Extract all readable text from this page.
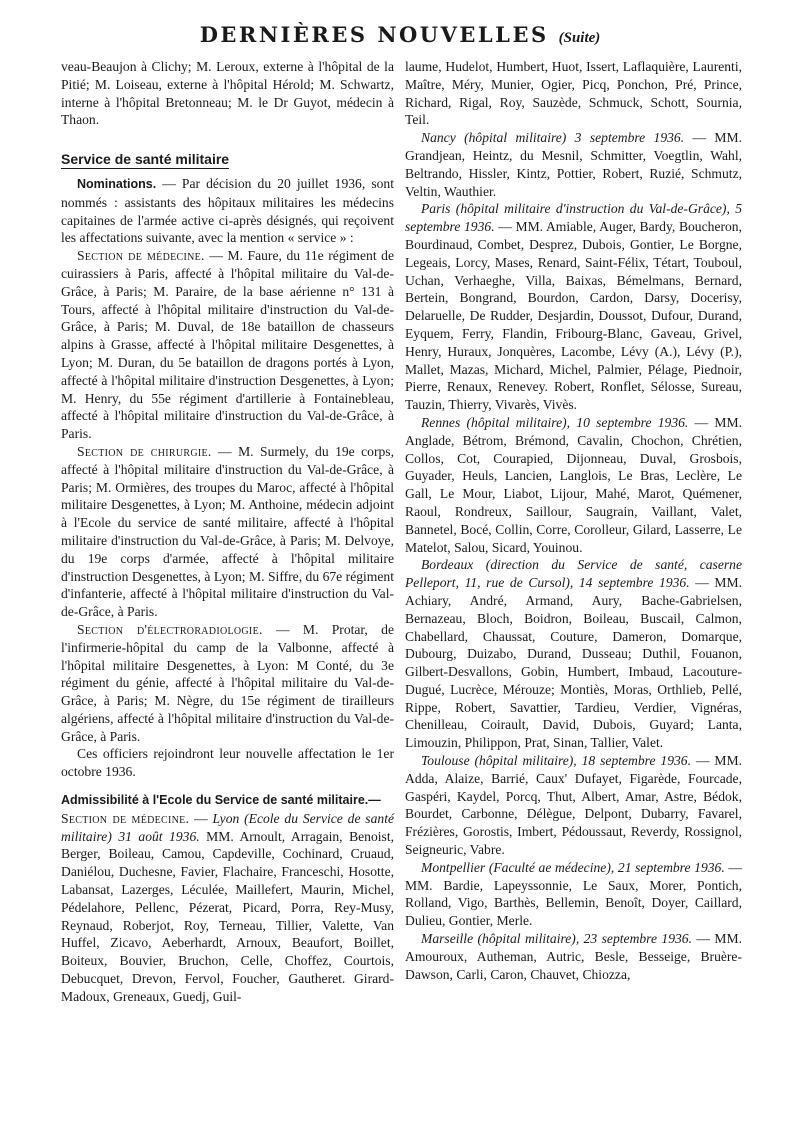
DERNIÈRES NOUVELLES (Suite)

veau-Beaujon à Clichy; M. Leroux, externe à l'hôpital de la Pitié; M. Loiseau, externe à l'hôpital Hérold; M. Schwartz, interne à l'hôpital Bretonneau; M. le Dr Guyot, médecin à Thaon.

Service de santé militaire

Nominations. — Par décision du 20 juillet 1936, sont nommés : assistants des hôpitaux militaires les médecins capitaines de l'armée active ci-après désignés, qui reçoivent les affectations suivante, avec la mention « service » :

Section de médecine. — M. Faure, du 11e régiment de cuirassiers à Paris, affecté à l'hôpital militaire du Val-de-Grâce, à Paris; M. Paraire, de la base aérienne n° 131 à Tours, affecté à l'hôpital militaire d'instruction du Val-de-Grâce, à Paris; M. Duval, de 18e bataillon de chasseurs alpins à Grasse, affecté à l'hôpital militaire Desgenettes, à Lyon; M. Duran, du 5e bataillon de dragons portés à Lyon, affecté à l'hôpital militaire d'instruction Desgenettes, à Lyon; M. Henry, du 55e régiment d'artillerie à Fontainebleau, affecté à l'hôpital militaire d'instruction du Val-de-Grâce, à Paris.

Section de chirurgie. — M. Surmely, du 19e corps, affecté à l'hôpital militaire d'instruction du Val-de-Grâce, à Paris; M. Ormières, des troupes du Maroc, affecté à l'hôpital militaire Desgenettes, à Lyon; M. Anthoine, médecin adjoint à l'Ecole du service de santé militaire, affecté à l'hôpital militaire d'instruction du Val-de-Grâce, à Paris; M. Delvoye, du 19e corps d'armée, affecté à l'hôpital militaire d'instruction Desgenettes, à Lyon; M. Siffre, du 67e régiment d'infanterie, affecté à l'hôpital militaire d'instruction du Val-de-Grâce, à Paris.

Section d'électroradiologie. — M. Protar, de l'infirmerie-hôpital du camp de la Valbonne, affecté à l'hôpital militaire Desgenettes, à Lyon: M Conté, du 3e régiment du génie, affecté à l'hôpital militaire du Val-de-Grâce, à Paris; M. Nègre, du 15e régiment de tirailleurs algériens, affecté à l'hôpital militaire d'instruction du Val-de-Grâce, à Paris.

Ces officiers rejoindront leur nouvelle affectation le 1er octobre 1936.

Admissibilité à l'Ecole du Service de santé militaire.—

Section de médecine. — Lyon (Ecole du Service de santé militaire) 31 août 1936. MM. Arnoult, Arragain, Benoist, Berger, Boileau, Camou, Capdeville, Cochinard, Cruaud, Daniélou, Duchesne, Favier, Flachaire, Franceschi, Hosotte, Labansat, Lazerges, Léculée, Maillefert, Maurin, Michel, Pédelahore, Pellenc, Pézerat, Picard, Porra, Rey-Musy, Reynaud, Roberjot, Roy, Terneau, Tillier, Valette, Van Huffel, Zicavo, Aeberhardt, Arnoux, Beaufort, Boillet, Boiteux, Bouvier, Bruchon, Celle, Choffez, Courtois, Debucquet, Drevon, Fervol, Foucher, Gautheret. Girard-Madoux, Greneaux, Guedj, Guil-

laume, Hudelot, Humbert, Huot, Issert, Laflaquière, Laurenti, Maître, Méry, Munier, Ogier, Picq, Ponchon, Pré, Prince, Richard, Rigal, Roy, Sauzède, Schmuck, Schott, Sournia, Teil.

Nancy (hôpital militaire) 3 septembre 1936. — MM. Grandjean, Heintz, du Mesnil, Schmitter, Voegtlin, Wahl, Beltrando, Hissler, Kintz, Pottier, Robert, Ruzié, Schmutz, Veltin, Wauthier.

Paris (hôpital militaire d'instruction du Val-de-Grâce), 5 septembre 1936. — MM. Amiable, Auger, Bardy, Boucheron, Bourdinaud, Combet, Desprez, Dubois, Gontier, Le Borgne, Legeais, Lorcy, Mases, Renard, Saint-Félix, Tétart, Touboul, Uchan, Verhaeghe, Villa, Baixas, Bémelmans, Bernard, Bertein, Bongrand, Bourdon, Cardon, Darsy, Docerisy, Delaruelle, De Rudder, Desjardin, Doussot, Dufour, Durand, Eyquem, Ferry, Flandin, Fribourg-Blanc, Gaveau, Grivel, Henry, Huraux, Jonquères, Lacombe, Lévy (A.), Lévy (P.), Mallet, Mazas, Michard, Michel, Palmier, Pélage, Piednoir, Pierre, Renaux, Renevey. Robert, Ronflet, Sélosse, Sureau, Tauzin, Thierry, Vivarès, Vivès.

Rennes (hôpital militaire), 10 septembre 1936. — MM. Anglade, Bétrom, Brémond, Cavalin, Chochon, Chrétien, Collos, Cot, Courapied, Dijonneau, Duval, Grosbois, Guyader, Heuls, Lancien, Langlois, Le Bras, Leclère, Le Gall, Le Mour, Liabot, Lijour, Mahé, Marot, Quémener, Raoul, Rondreux, Saillour, Saugrain, Vaillant, Valet, Bannetel, Bocé, Collin, Corre, Corolleur, Gilard, Lasserre, Le Matelot, Salou, Sicard, Youinou.

Bordeaux (direction du Service de santé, caserne Pelleport, 11, rue de Cursol), 14 septembre 1936. — MM. Achiary, André, Armand, Aury, Bache-Gabrielsen, Bernazeau, Bloch, Boidron, Boileau, Buscail, Calmon, Chabellard, Chaussat, Couture, Dameron, Domarque, Dubourg, Duizabo, Durand, Dusseau; Duthil, Fouanon, Gilbert-Desvallons, Gobin, Humbert, Imbaud, Lacouture-Dugué, Lucrèce, Mérouze; Montiès, Moras, Orthlieb, Pellé, Rippe, Robert, Savattier, Tardieu, Verdier, Vignéras, Chenilleau, Coirault, David, Dubois, Guyard; Lanta, Limouzin, Philippon, Prat, Sinan, Tallier, Valet.

Toulouse (hôpital militaire), 18 septembre 1936. — MM. Adda, Alaize, Barrié, Caux' Dufayet, Figarède, Fourcade, Gaspéri, Kaydel, Porcq, Thut, Albert, Amar, Astre, Bédok, Bourdet, Carbonne, Délègue, Delpont, Dubarry, Favarel, Frézières, Gorostis, Imbert, Pédoussaut, Reverdy, Rossignol, Seigneuric, Vabre.

Montpellier (Faculté ae médecine), 21 septembre 1936. — MM. Bardie, Lapeyssonnie, Le Saux, Morer, Pontich, Rolland, Vigo, Barthès, Bellemin, Benoît, Doyer, Caillard, Dulieu, Gontier, Merle.

Marseille (hôpital militaire), 23 septembre 1936. — MM. Amouroux, Autheman, Autric, Besle, Besseige, Bruère-Dawson, Carli, Caron, Chauvet, Chiozza,
